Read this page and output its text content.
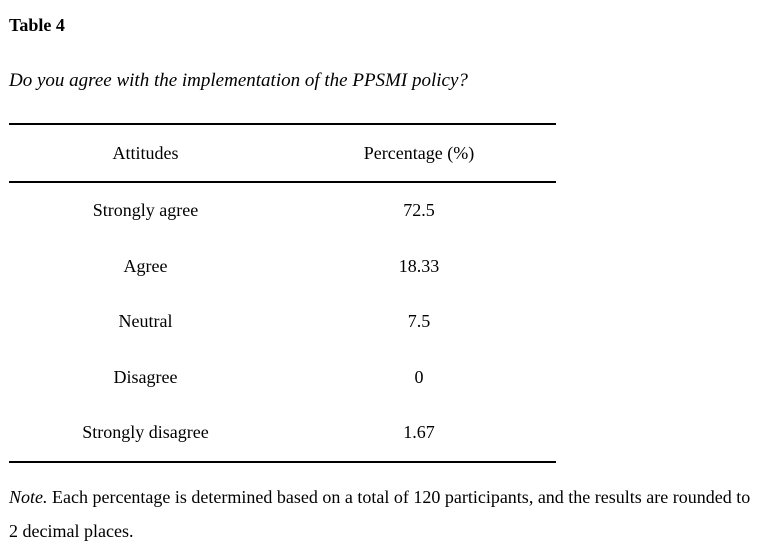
Table 4

Do you agree with the implementation of the PPSMI policy?

Attitudes	Percentage (%)
Strongly agree	72.5
Agree	18.33
Neutral	7.5
Disagree	0
Strongly disagree	1.67

Note. Each percentage is determined based on a total of 120 participants, and the results are rounded to 2 decimal places.
